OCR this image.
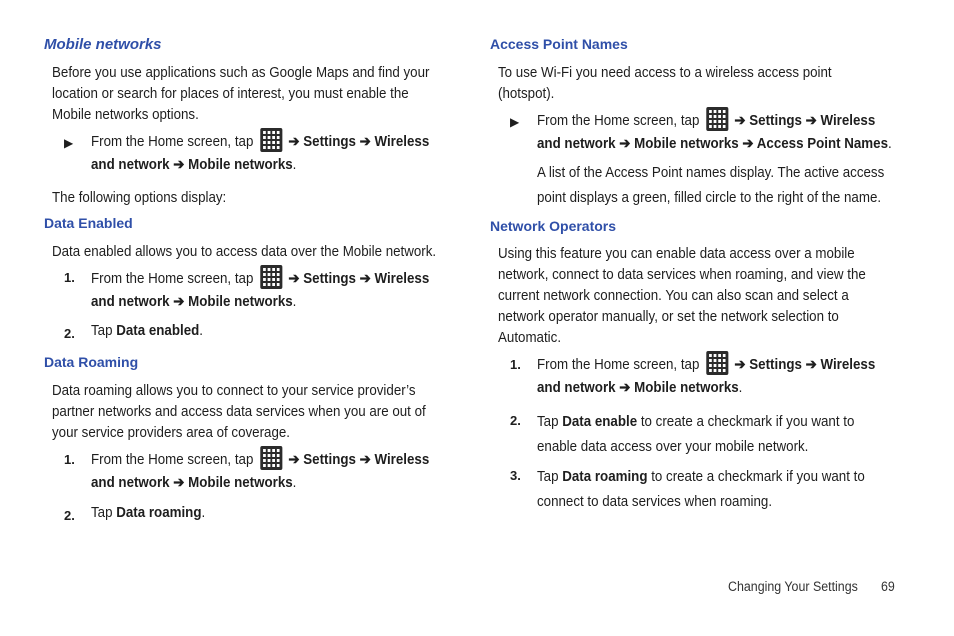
Mobile networks
Before you use applications such as Google Maps and find your
location or search for places of interest, you must enable the
Mobile networks options.
▶ From the Home screen, tap ➔ Settings ➔ Wireless
and network ➔ Mobile networks.
The following options display:
Data Enabled
Data enabled allows you to access data over the Mobile network.
1. From the Home screen, tap ➔ Settings ➔ Wireless
and network ➔ Mobile networks.
2. Tap Data enabled.
Data Roaming
Data roaming allows you to connect to your service provider’s
partner networks and access data services when you are out of
your service providers area of coverage.
1. From the Home screen, tap ➔ Settings ➔ Wireless
and network ➔ Mobile networks.
2. Tap Data roaming.
Access Point Names
To use Wi-Fi you need access to a wireless access point
(hotspot).
▶ From the Home screen, tap ➔ Settings ➔ Wireless
and network ➔ Mobile networks ➔ Access Point Names.
A list of the Access Point names display. The active access
point displays a green, filled circle to the right of the name.
Network Operators
Using this feature you can enable data access over a mobile
network, connect to data services when roaming, and view the
current network connection. You can also scan and select a
network operator manually, or set the network selection to
Automatic.
1. From the Home screen, tap ➔ Settings ➔ Wireless
and network ➔ Mobile networks.
2. Tap Data enable to create a checkmark if you want to
enable data access over your mobile network.
3. Tap Data roaming to create a checkmark if you want to
connect to data services when roaming.
Changing Your Settings 69
